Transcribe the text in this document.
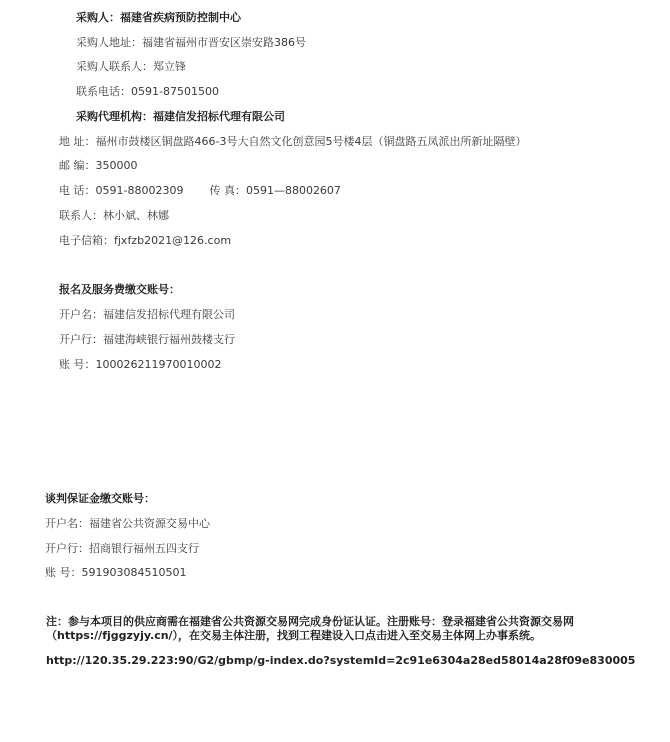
采购人：福建省疾病预防控制中心
采购人地址：福建省福州市晋安区崇安路386号
采购人联系人：郑立锋
联系电话：0591-87501500
采购代理机构：福建信发招标代理有限公司
地 址：福州市鼓楼区铜盘路466-3号大自然文化创意园5号楼4层（铜盘路五凤派出所新址隔壁）
邮 编：350000
电 话：0591-88002309 传 真：0591—88002607
联系人：林小斌、林娜
电子信箱：fjxfzb2021@126.com
报名及服务费缴交账号：
开户名：福建信发招标代理有限公司
开户行：福建海峡银行福州鼓楼支行
账 号：100026211970010002
谈判保证金缴交账号：
开户名：福建省公共资源交易中心
开户行：招商银行福州五四支行
账 号：591903084510501
注：参与本项目的供应商需在福建省公共资源交易网完成身份证认证。注册账号：登录福建省公共资源交易网（https://fjggzyjy.cn/），在交易主体注册，找到工程建设入口点击进入至交易主体网上办事系统。
http://120.35.29.223:90/G2/gbmp/g-index.do?systemId=2c91e6304a28ed58014a28f09e830005
